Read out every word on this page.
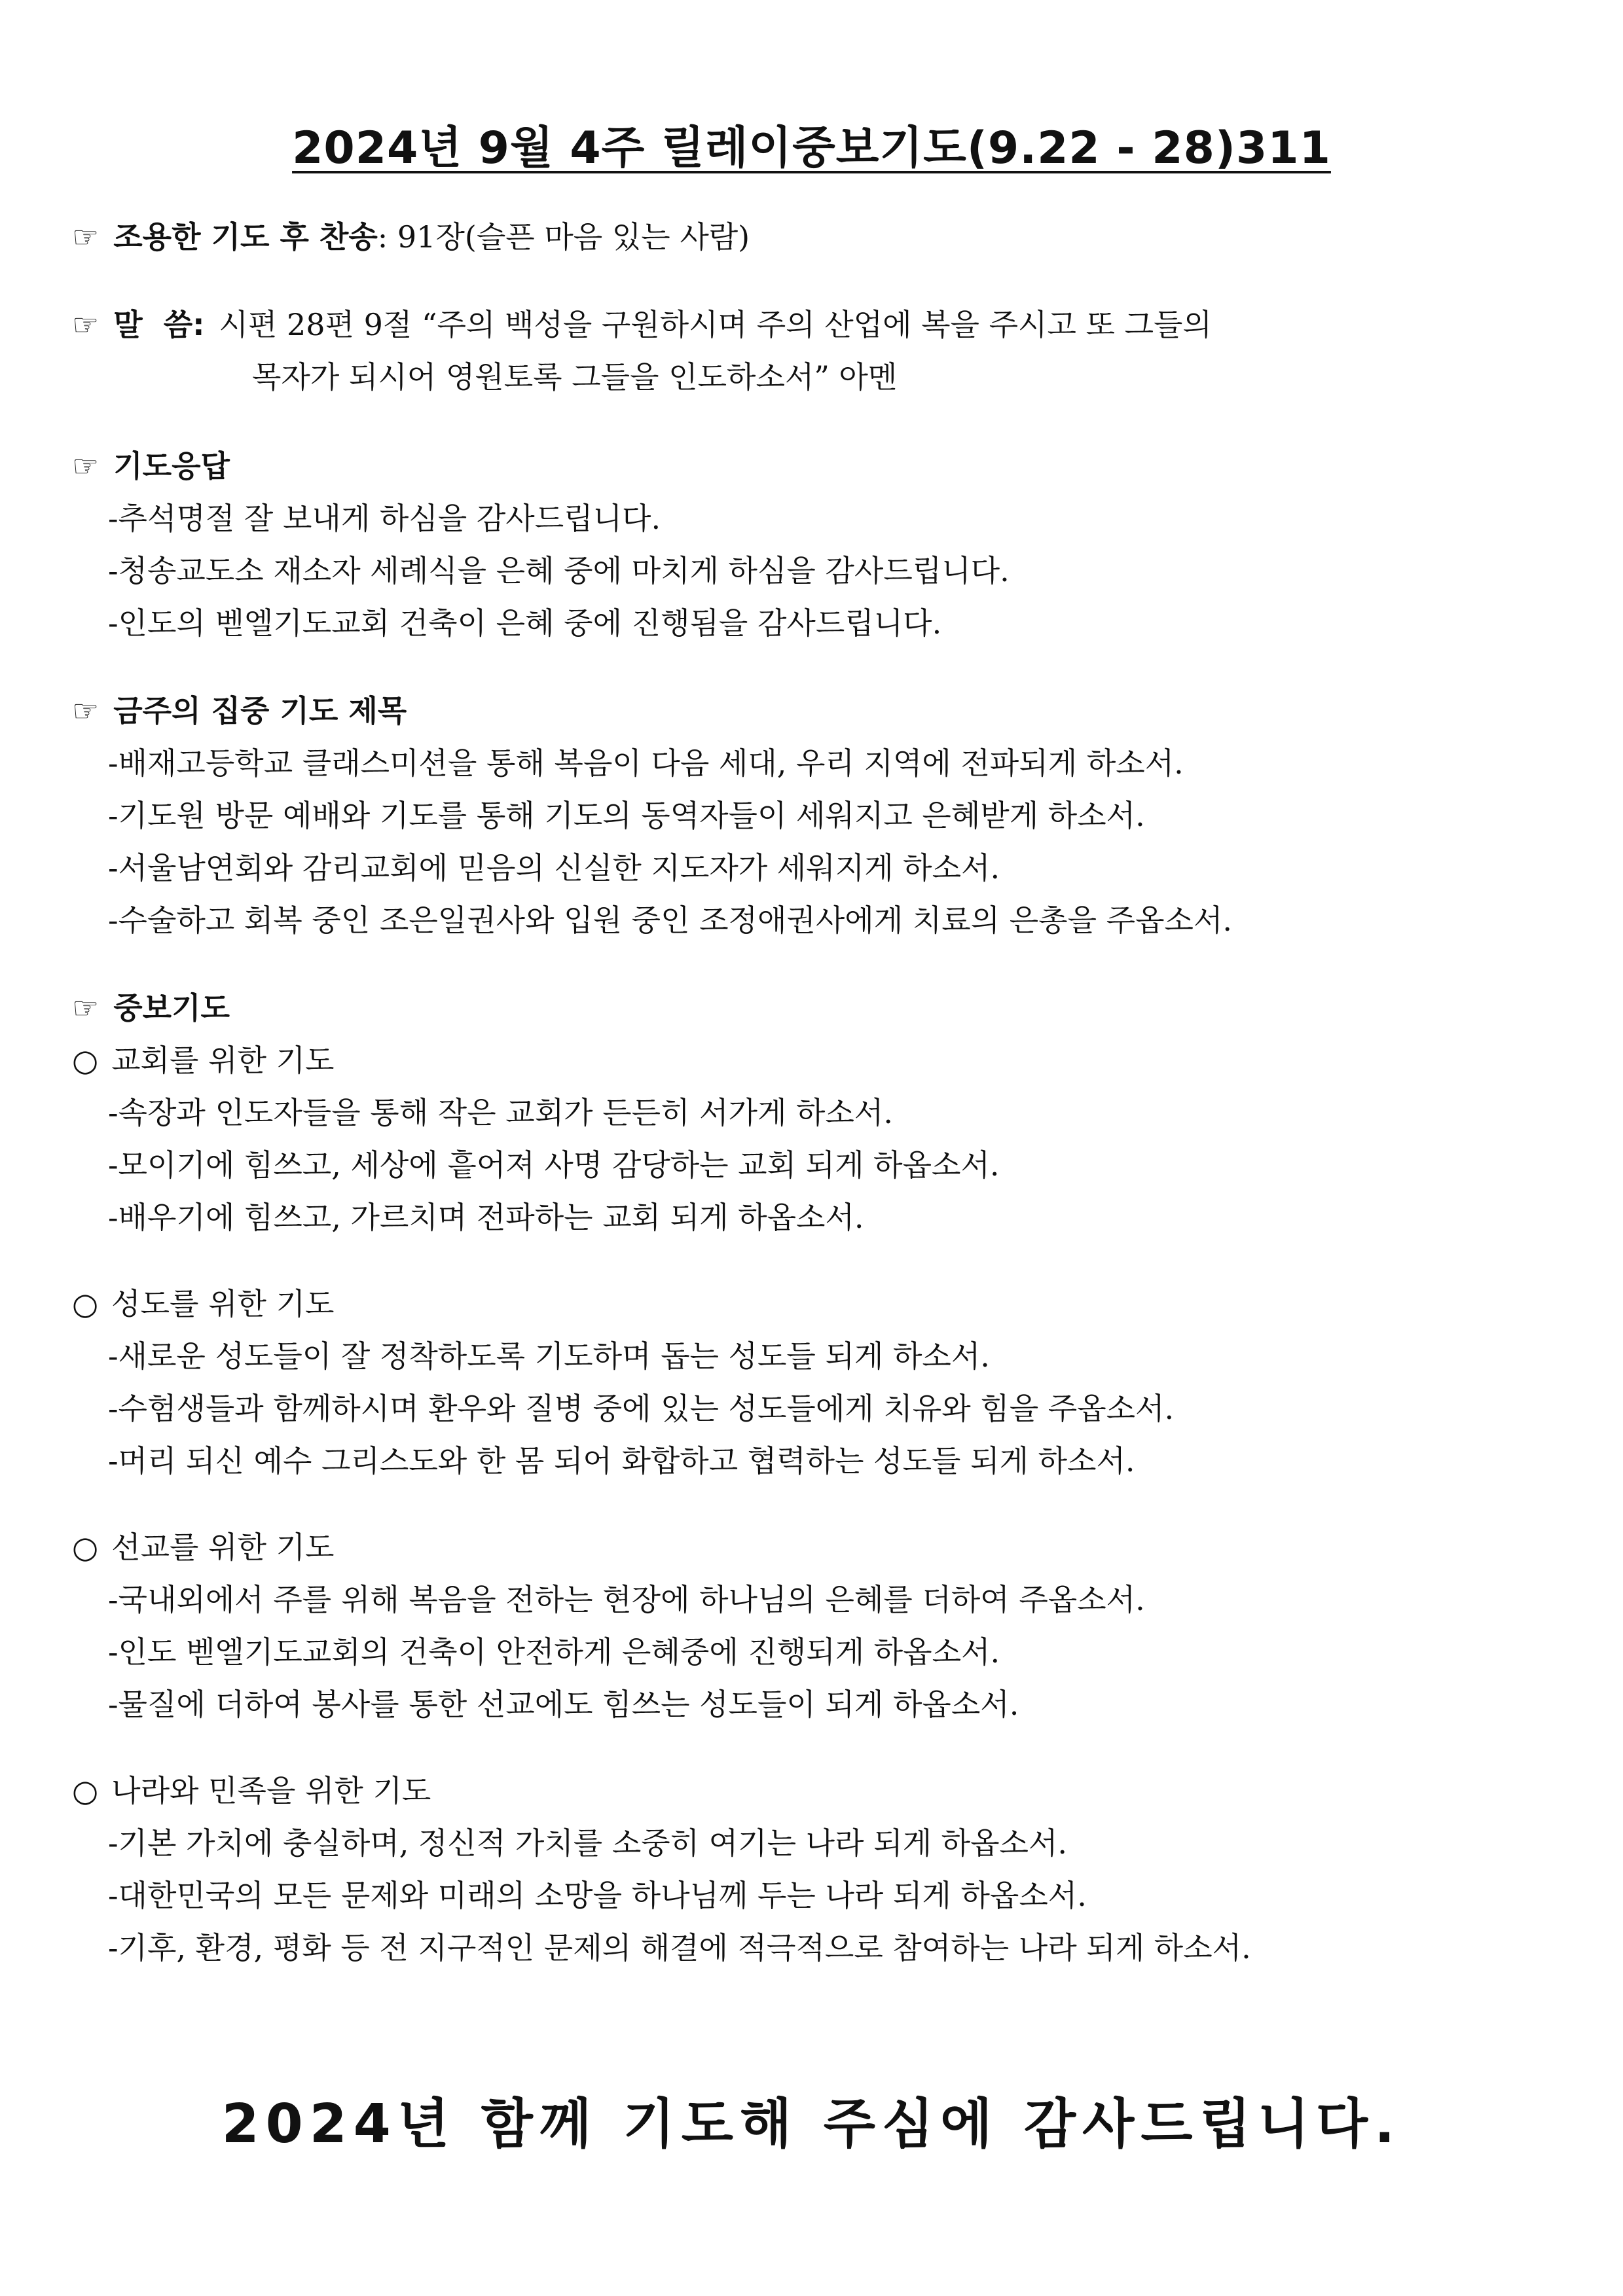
2024년 9월 4주 릴레이중보기도(9.22 - 28)311
☞ 조용한 기도 후 찬송: 91장(슬픈 마음 있는 사람)
☞ 말  씀: 시편 28편 9절 “주의 백성을 구원하시며 주의 산업에 복을 주시고 또 그들의
목자가 되시어 영원토록 그들을 인도하소서” 아멘
☞ 기도응답
-추석명절 잘 보내게 하심을 감사드립니다.
-청송교도소 재소자 세례식을 은혜 중에 마치게 하심을 감사드립니다.
-인도의 벧엘기도교회 건축이 은혜 중에 진행됨을 감사드립니다.
☞ 금주의 집중 기도 제목
-배재고등학교 클래스미션을 통해 복음이 다음 세대, 우리 지역에 전파되게 하소서.
-기도원 방문 예배와 기도를 통해 기도의 동역자들이 세워지고 은혜받게 하소서.
-서울남연회와 감리교회에 믿음의 신실한 지도자가 세워지게 하소서.
-수술하고 회복 중인 조은일권사와 입원 중인 조정애권사에게 치료의 은총을 주옵소서.
☞ 중보기도
○ 교회를 위한 기도
-속장과 인도자들을 통해 작은 교회가 든든히 서가게 하소서.
-모이기에 힘쓰고, 세상에 흩어져 사명 감당하는 교회 되게 하옵소서.
-배우기에 힘쓰고, 가르치며 전파하는 교회 되게 하옵소서.
○ 성도를 위한 기도
-새로운 성도들이 잘 정착하도록 기도하며 돕는 성도들 되게 하소서.
-수험생들과 함께하시며 환우와 질병 중에 있는 성도들에게 치유와 힘을 주옵소서.
-머리 되신 예수 그리스도와 한 몸 되어 화합하고 협력하는 성도들 되게 하소서.
○ 선교를 위한 기도
-국내외에서 주를 위해 복음을 전하는 현장에 하나님의 은혜를 더하여 주옵소서.
-인도 벧엘기도교회의 건축이 안전하게 은혜중에 진행되게 하옵소서.
-물질에 더하여 봉사를 통한 선교에도 힘쓰는 성도들이 되게 하옵소서.
○ 나라와 민족을 위한 기도
-기본 가치에 충실하며, 정신적 가치를 소중히 여기는 나라 되게 하옵소서.
-대한민국의 모든 문제와 미래의 소망을 하나님께 두는 나라 되게 하옵소서.
-기후, 환경, 평화 등 전 지구적인 문제의 해결에 적극적으로 참여하는 나라 되게 하소서.
2024년 함께 기도해 주심에 감사드립니다.
